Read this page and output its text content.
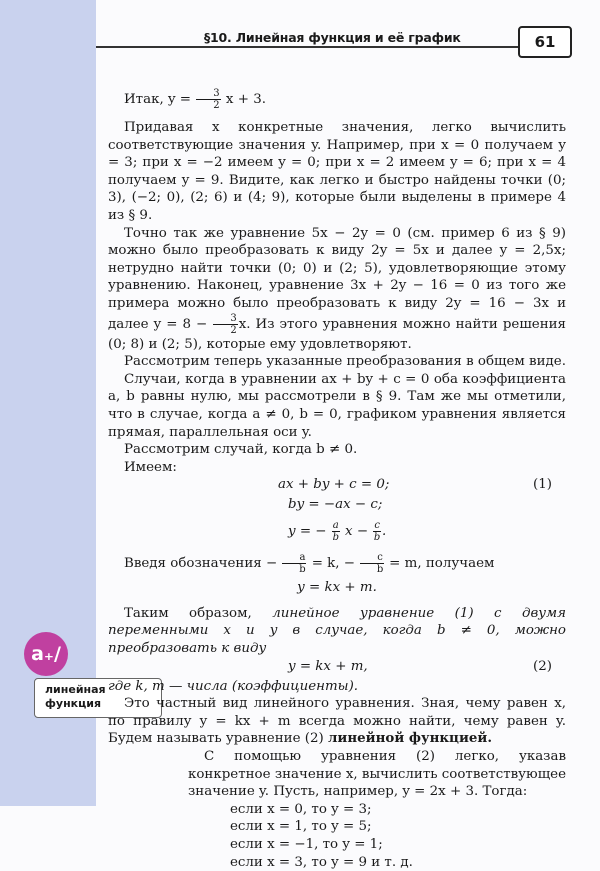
§10. Линейная функция и её график	61
a₊/
линейная
функция

Итак, $y = \frac{3}{2}$ x + 3.

Придавая x конкретные значения, легко вычислить соответствующие значения y. Например, при x = 0 получаем y = 3; при x = −2 имеем y = 0; при x = 2 имеем y = 6; при x = 4 получаем y = 9. Видите, как легко и быстро найдены точки (0; 3), (−2; 0), (2; 6) и (4; 9), которые были выделены в примере 4 из § 9.

Точно так же уравнение 5x − 2y = 0 (см. пример 6 из § 9) можно было преобразовать к виду 2y = 5x и далее y = 2,5x; нетрудно найти точки (0; 0) и (2; 5), удовлетворяющие этому уравнению. Наконец, уравнение 3x + 2y − 16 = 0 из того же примера можно было преобразовать к виду 2y = 16 − 3x и далее $y = 8 - \frac{3}{2} x$. Из этого уравнения можно найти решения (0; 8) и (2; 5), которые ему удовлетворяют.

Рассмотрим теперь указанные преобразования в общем виде.

Случаи, когда в уравнении ax + by + c = 0 оба коэффициента a, b равны нулю, мы рассмотрели в § 9. Там же мы отметили, что в случае, когда a ≠ 0, b = 0, графиком уравнения является прямая, параллельная оси y.

Рассмотрим случай, когда b ≠ 0.

Имеем:

ax + by + c = 0;	(1)
by = −ax − c;
y = − $\frac{a}{b}$ $x - \frac{c}{b}$ .

Введя обозначения − $\frac{a}{b} = k$, − $\frac{c}{b} = m$, получаем

y = kx + m.

Таким образом, линейное уравнение (1) с двумя переменными x и y в случае, когда b ≠ 0, можно преобразовать к виду

y = kx + m,	(2)

где k, m — числа (коэффициенты).

Это частный вид линейного уравнения. Зная, чему равен x, по правилу y = kx + m всегда можно найти, чему равен y. Будем называть уравнение (2) линейной функцией.

С помощью уравнения (2) легко, указав конкретное значение x, вычислить соответствующее значение y. Пусть, например, y = 2x + 3. Тогда:

если x = 0, то y = 3;
если x = 1, то y = 5;
если x = −1, то y = 1;
если x = 3, то y = 9 и т. д.
